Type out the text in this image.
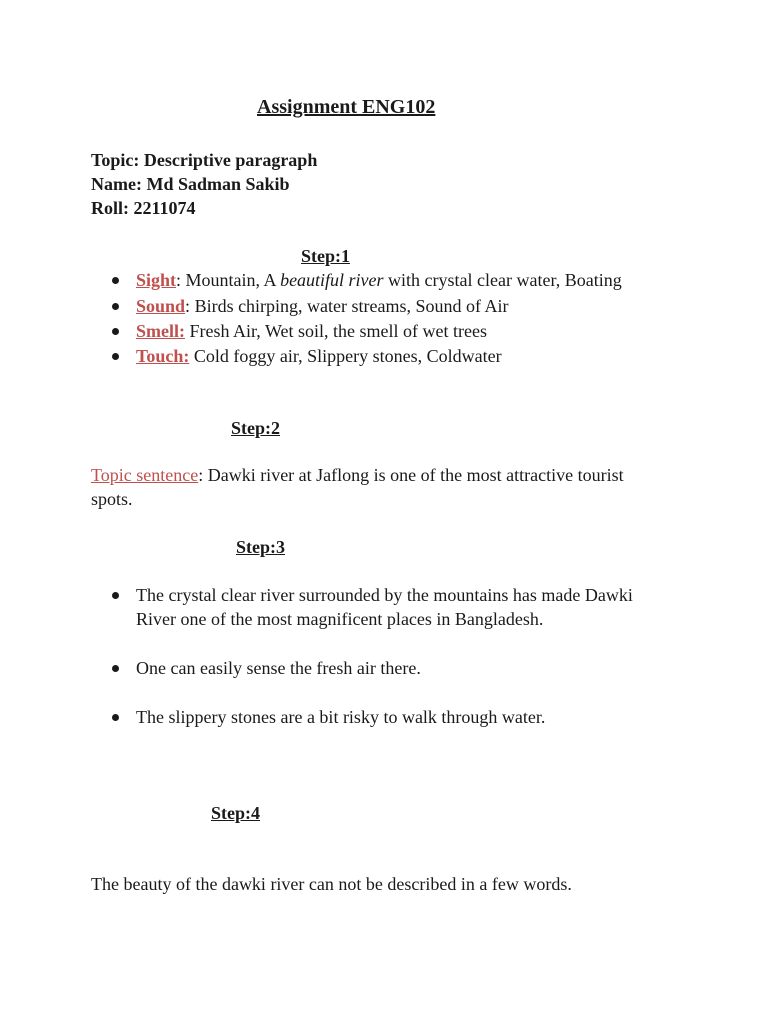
Assignment ENG102
Topic: Descriptive paragraph
Name: Md Sadman Sakib
Roll: 2211074
Step:1
Sight: Mountain, A beautiful river with crystal clear water, Boating
Sound: Birds chirping, water streams, Sound of Air
Smell: Fresh Air, Wet soil, the smell of wet trees
Touch: Cold foggy air, Slippery stones, Coldwater
Step:2
Topic sentence: Dawki river at Jaflong is one of the most attractive tourist spots.
Step:3
The crystal clear river surrounded by the mountains has made Dawki River one of the most magnificent places in Bangladesh.
One can easily sense the fresh air there.
The slippery stones are a bit risky to walk through water.
Step:4
The beauty of the dawki river can not be described in a few words.
